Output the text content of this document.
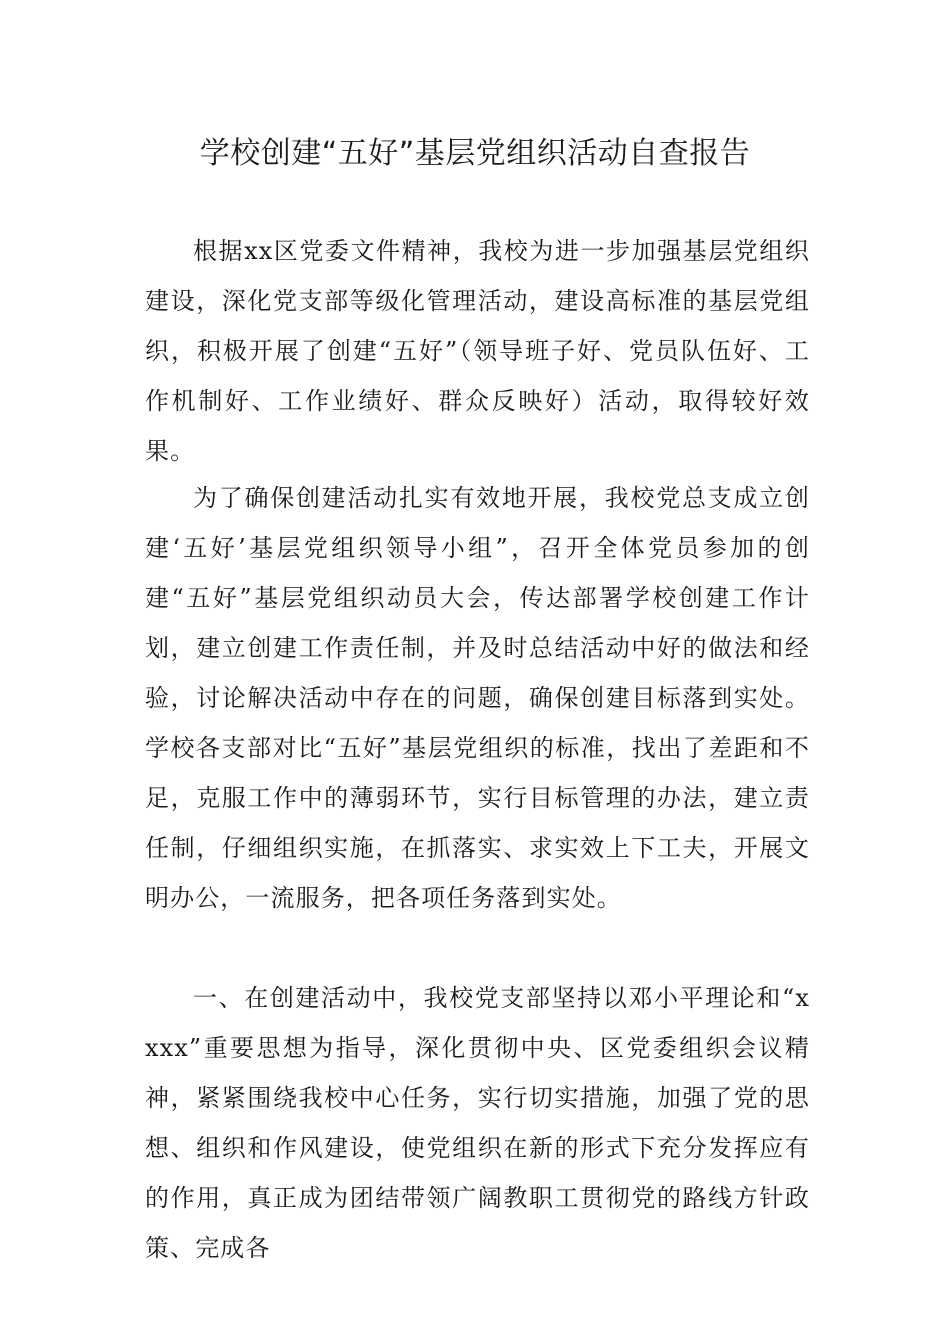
学校创建“五好”基层党组织活动自查报告

根据xx区党委文件精神，我校为进一步加强基层党组织建设，深化党支部等级化管理活动，建设高标准的基层党组织，积极开展了创建“五好”（领导班子好、党员队伍好、工作机制好、工作业绩好、群众反映好）活动，取得较好效果。

为了确保创建活动扎实有效地开展，我校党总支成立创建‘五好’基层党组织领导小组”，召开全体党员参加的创建“五好”基层党组织动员大会，传达部署学校创建工作计划，建立创建工作责任制，并及时总结活动中好的做法和经验，讨论解决活动中存在的问题，确保创建目标落到实处。学校各支部对比“五好”基层党组织的标准，找出了差距和不足，克服工作中的薄弱环节，实行目标管理的办法，建立责任制，仔细组织实施，在抓落实、求实效上下工夫，开展文明办公，一流服务，把各项任务落到实处。

一、在创建活动中，我校党支部坚持以邓小平理论和“xxxx”重要思想为指导，深化贯彻中央、区党委组织会议精神，紧紧围绕我校中心任务，实行切实措施，加强了党的思想、组织和作风建设，使党组织在新的形式下充分发挥应有的作用，真正成为团结带领广阔教职工贯彻党的路线方针政策、完成各
